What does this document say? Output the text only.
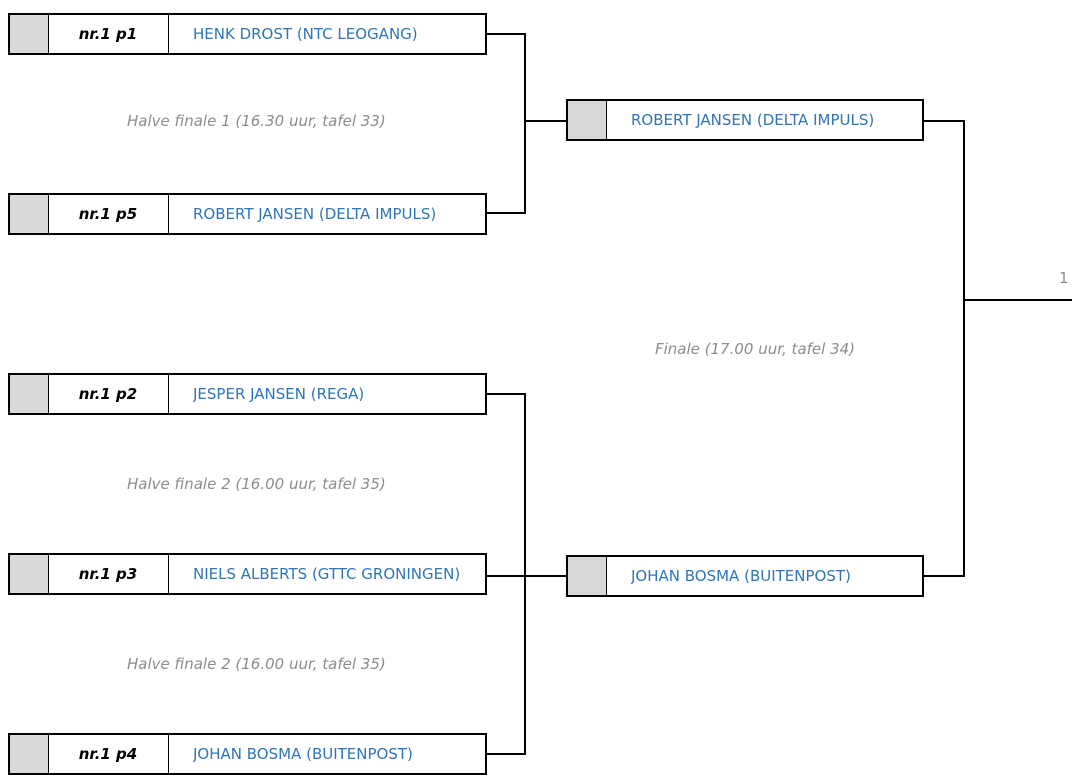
nr.1 p1	HENK DROST (NTC LEOGANG)
Halve finale 1 (16.30 uur, tafel 33)
nr.1 p5	ROBERT JANSEN (DELTA IMPULS)
nr.1 p2	JESPER JANSEN (REGA)
Halve finale 2 (16.00 uur, tafel 35)
nr.1 p3	NIELS ALBERTS (GTTC GRONINGEN)
Halve finale 2 (16.00 uur, tafel 35)
nr.1 p4	JOHAN BOSMA (BUITENPOST)
ROBERT JANSEN (DELTA IMPULS)
Finale (17.00 uur, tafel 34)
JOHAN BOSMA (BUITENPOST)
1
